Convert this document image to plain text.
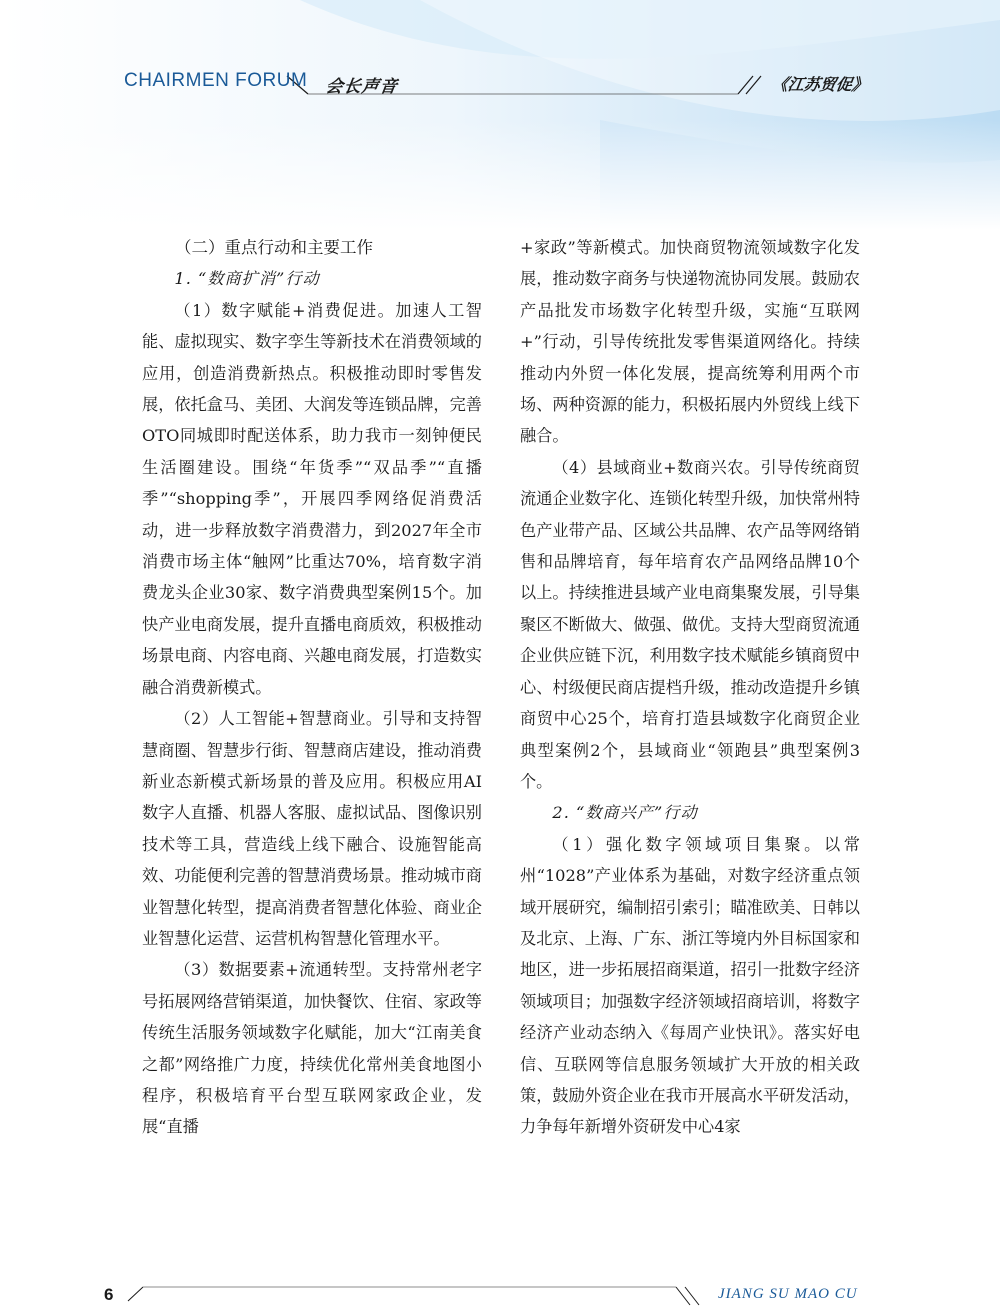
CHAIRMEN FORUM 会长声音	《江苏贸促》
（二）重点行动和主要工作

1. “数商扩消”行动

（1）数字赋能+消费促进。加速人工智能、虚拟现实、数字孪生等新技术在消费领域的应用，创造消费新热点。积极推动即时零售发展，依托盒马、美团、大润发等连锁品牌，完善OTO同城即时配送体系，助力我市一刻钟便民生活圈建设。围绕“年货季”“双品季”“直播季”“shopping季”，开展四季网络促消费活动，进一步释放数字消费潜力，到2027年全市消费市场主体“触网”比重达70%，培育数字消费龙头企业30家、数字消费典型案例15个。加快产业电商发展，提升直播电商质效，积极推动场景电商、内容电商、兴趣电商发展，打造数实融合消费新模式。

（2）人工智能+智慧商业。引导和支持智慧商圈、智慧步行街、智慧商店建设，推动消费新业态新模式新场景的普及应用。积极应用AI数字人直播、机器人客服、虚拟试品、图像识别技术等工具，营造线上线下融合、设施智能高效、功能便利完善的智慧消费场景。推动城市商业智慧化转型，提高消费者智慧化体验、商业企业智慧化运营、运营机构智慧化管理水平。

（3）数据要素+流通转型。支持常州老字号拓展网络营销渠道，加快餐饮、住宿、家政等传统生活服务领域数字化赋能，加大“江南美食之都”网络推广力度，持续优化常州美食地图小程序，积极培育平台型互联网家政企业，发展“直播

+家政”等新模式。加快商贸物流领域数字化发展，推动数字商务与快递物流协同发展。鼓励农产品批发市场数字化转型升级，实施“互联网+”行动，引导传统批发零售渠道网络化。持续推动内外贸一体化发展，提高统筹利用两个市场、两种资源的能力，积极拓展内外贸线上线下融合。

（4）县域商业+数商兴农。引导传统商贸流通企业数字化、连锁化转型升级，加快常州特色产业带产品、区域公共品牌、农产品等网络销售和品牌培育，每年培育农产品网络品牌10个以上。持续推进县域产业电商集聚发展，引导集聚区不断做大、做强、做优。支持大型商贸流通企业供应链下沉，利用数字技术赋能乡镇商贸中心、村级便民商店提档升级，推动改造提升乡镇商贸中心25个，培育打造县域数字化商贸企业典型案例2个，县域商业“领跑县”典型案例3个。

2. “数商兴产”行动

（1）强化数字领域项目集聚。以常州“1028”产业体系为基础，对数字经济重点领域开展研究，编制招引索引；瞄准欧美、日韩以及北京、上海、广东、浙江等境内外目标国家和地区，进一步拓展招商渠道，招引一批数字经济领域项目；加强数字经济领域招商培训，将数字经济产业动态纳入《每周产业快讯》。落实好电信、互联网等信息服务领域扩大开放的相关政策，鼓励外资企业在我市开展高水平研发活动，力争每年新增外资研发中心4家

6	JIANG SU MAO CU
